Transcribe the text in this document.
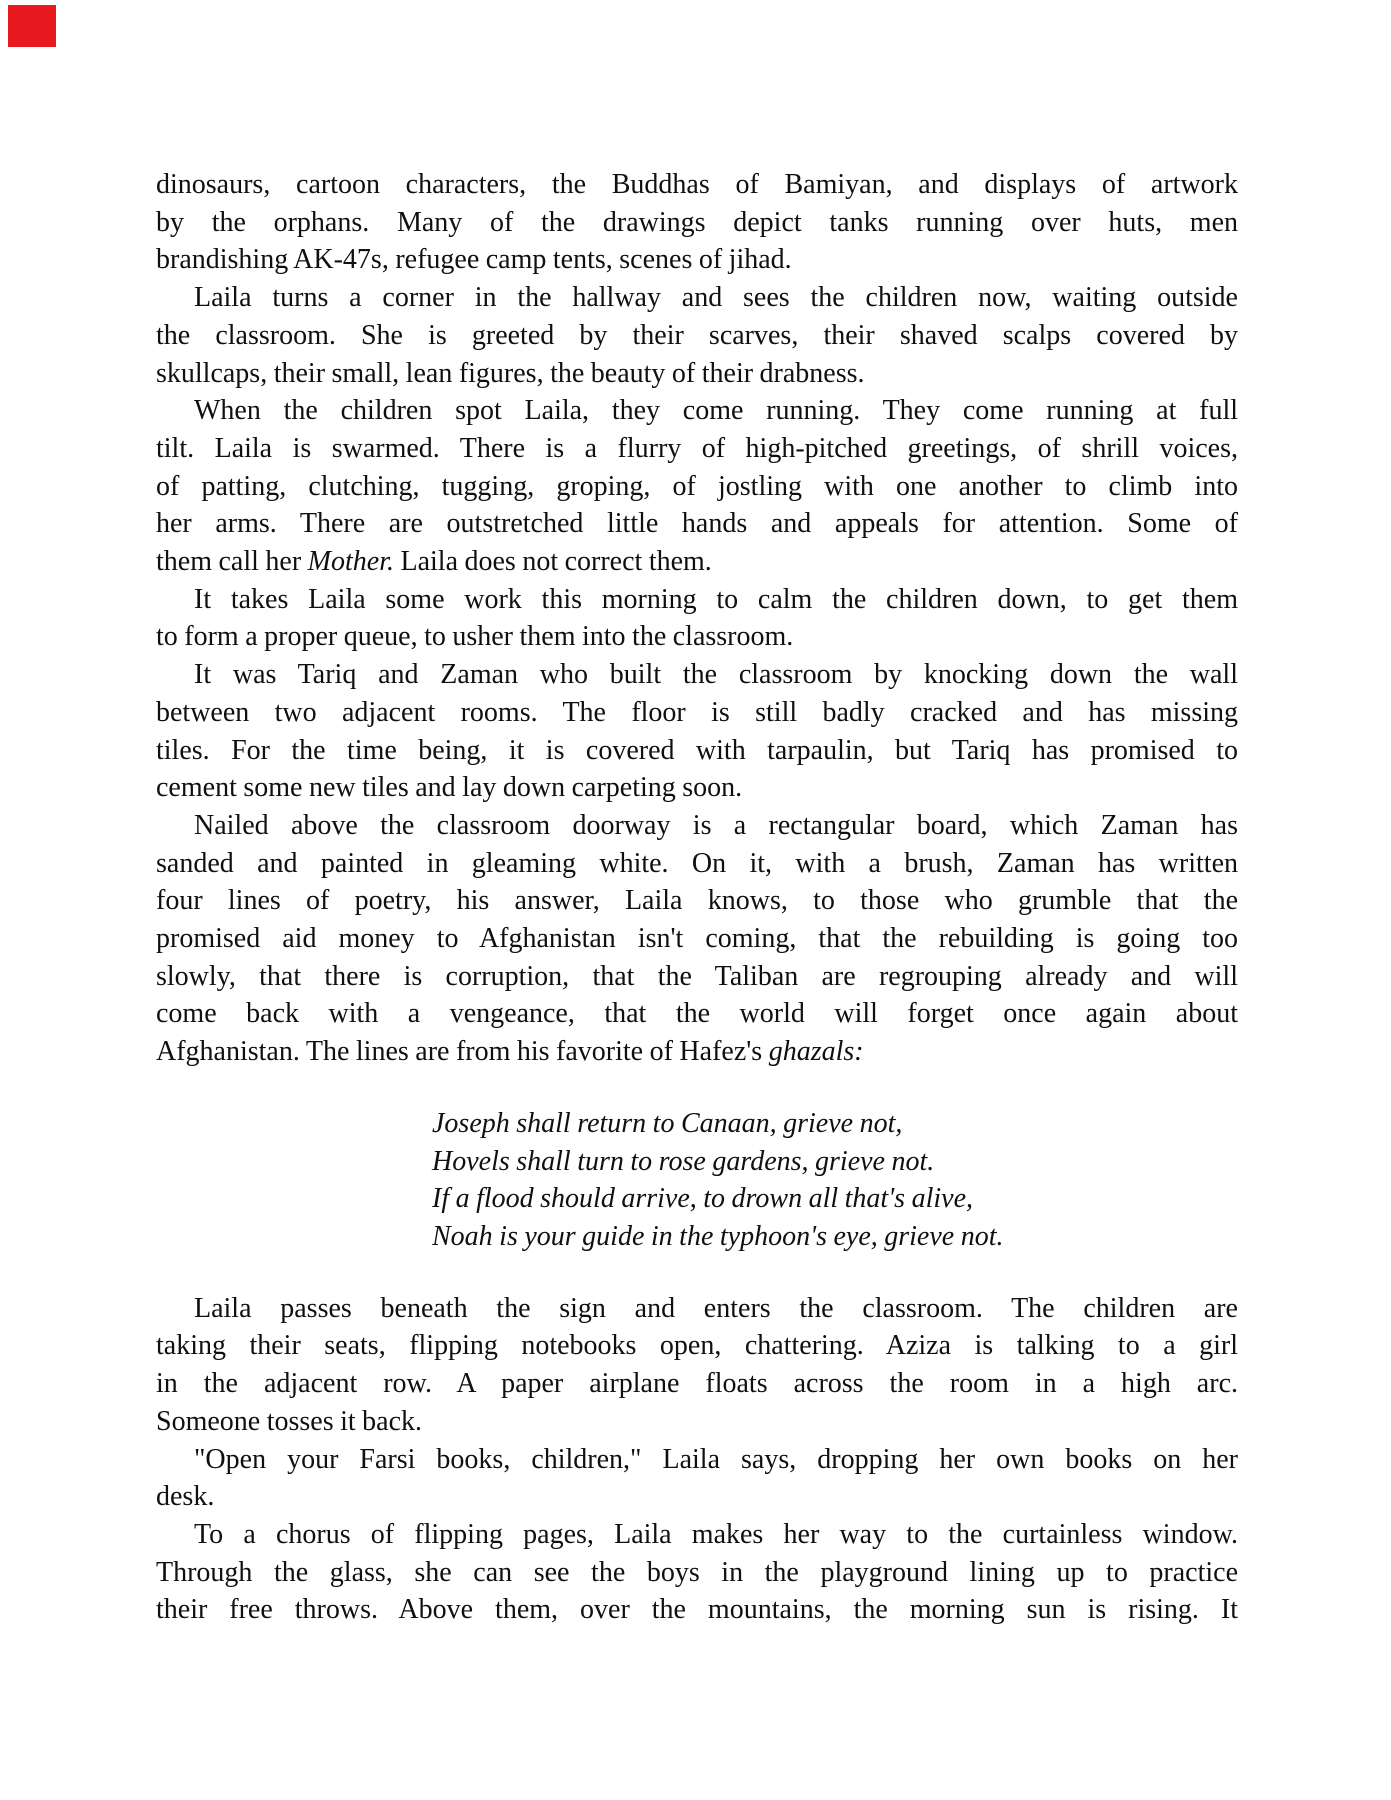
dinosaurs, cartoon characters, the Buddhas of Bamiyan, and displays of artwork
by the orphans. Many of the drawings depict tanks running over huts, men
brandishing AK-47s, refugee camp tents, scenes of jihad.
Laila turns a corner in the hallway and sees the children now, waiting outside
the classroom. She is greeted by their scarves, their shaved scalps covered by
skullcaps, their small, lean figures, the beauty of their drabness.
When the children spot Laila, they come running. They come running at full
tilt. Laila is swarmed. There is a flurry of high-pitched greetings, of shrill voices,
of patting, clutching, tugging, groping, of jostling with one another to climb into
her arms. There are outstretched little hands and appeals for attention. Some of
them call her Mother. Laila does not correct them.
It takes Laila some work this morning to calm the children down, to get them
to form a proper queue, to usher them into the classroom.
It was Tariq and Zaman who built the classroom by knocking down the wall
between two adjacent rooms. The floor is still badly cracked and has missing
tiles. For the time being, it is covered with tarpaulin, but Tariq has promised to
cement some new tiles and lay down carpeting soon.
Nailed above the classroom doorway is a rectangular board, which Zaman has
sanded and painted in gleaming white. On it, with a brush, Zaman has written
four lines of poetry, his answer, Laila knows, to those who grumble that the
promised aid money to Afghanistan isn't coming, that the rebuilding is going too
slowly, that there is corruption, that the Taliban are regrouping already and will
come back with a vengeance, that the world will forget once again about
Afghanistan. The lines are from his favorite of Hafez's ghazals:
Joseph shall return to Canaan, grieve not,
Hovels shall turn to rose gardens, grieve not.
If a flood should arrive, to drown all that's alive,
Noah is your guide in the typhoon's eye, grieve not.
Laila passes beneath the sign and enters the classroom. The children are
taking their seats, flipping notebooks open, chattering. Aziza is talking to a girl
in the adjacent row. A paper airplane floats across the room in a high arc.
Someone tosses it back.
"Open your Farsi books, children," Laila says, dropping her own books on her
desk.
To a chorus of flipping pages, Laila makes her way to the curtainless window.
Through the glass, she can see the boys in the playground lining up to practice
their free throws. Above them, over the mountains, the morning sun is rising. It
